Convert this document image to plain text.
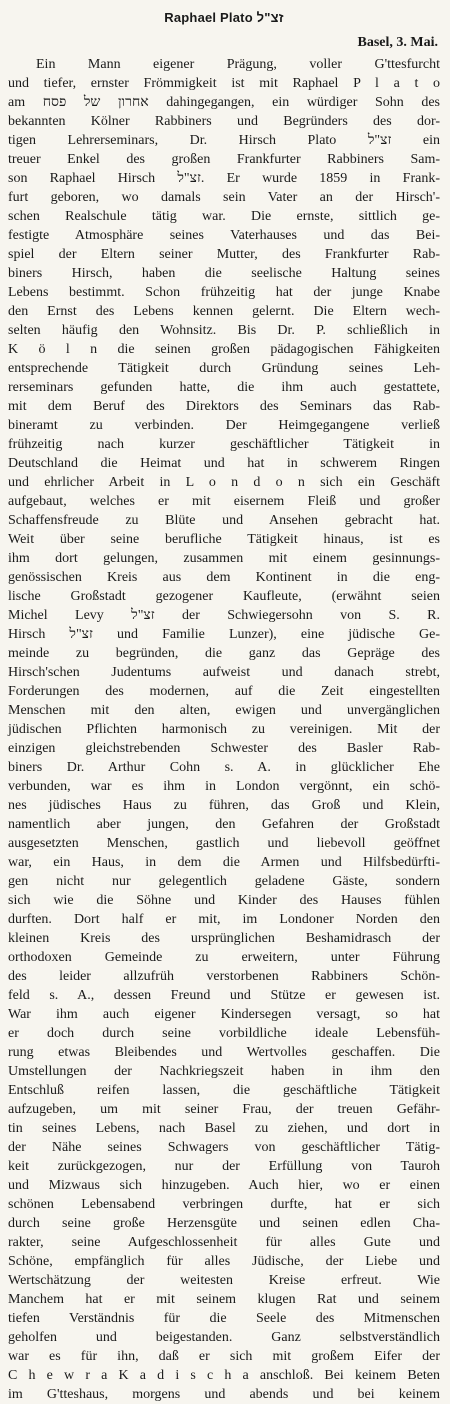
Raphael Plato זצ"ל
Basel, 3. Mai.
Ein Mann eigener Prägung, voller G'ttesfurcht
und tiefer, ernster Frömmigkeit ist mit Raphael P l a t o
am אחרון של פסח dahingegangen, ein würdiger Sohn des
bekannten Kölner Rabbiners und Begründers des dor-
tigen Lehrerseminars, Dr. Hirsch Plato זצ"ל ein
treuer Enkel des großen Frankfurter Rabbiners Sam-
son Raphael Hirsch זצ"ל. Er wurde 1859 in Frank-
furt geboren, wo damals sein Vater an der Hirsch'-
schen Realschule tätig war. Die ernste, sittlich ge-
festigte Atmosphäre seines Vaterhauses und das Bei-
spiel der Eltern seiner Mutter, des Frankfurter Rab-
biners Hirsch, haben die seelische Haltung seines
Lebens bestimmt. Schon frühzeitig hat der junge Knabe
den Ernst des Lebens kennen gelernt. Die Eltern wech-
selten häufig den Wohnsitz. Bis Dr. P. schließlich in
K ö l n die seinen großen pädagogischen Fähigkeiten
entsprechende Tätigkeit durch Gründung seines Leh-
rerseminars gefunden hatte, die ihm auch gestattete,
mit dem Beruf des Direktors des Seminars das Rab-
bineramt zu verbinden. Der Heimgegangene verließ
frühzeitig nach kurzer geschäftlicher Tätigkeit in
Deutschland die Heimat und hat in schwerem Ringen
und ehrlicher Arbeit in L o n d o n sich ein Geschäft
aufgebaut, welches er mit eisernem Fleiß und großer
Schaffensfreude zu Blüte und Ansehen gebracht hat.
Weit über seine berufliche Tätigkeit hinaus, ist es
ihm dort gelungen, zusammen mit einem gesinnungs-
genössischen Kreis aus dem Kontinent in die eng-
lische Großstadt gezogener Kaufleute, (erwähnt seien
Michel Levy זצ"ל der Schwiegersohn von S. R.
Hirsch זצ"ל und Familie Lunzer), eine jüdische Ge-
meinde zu begründen, die ganz das Gepräge des
Hirsch'schen Judentums aufweist und danach strebt,
Forderungen des modernen, auf die Zeit eingestellten
Menschen mit den alten, ewigen und unvergänglichen
jüdischen Pflichten harmonisch zu vereinigen. Mit der
einzigen gleichstrebenden Schwester des Basler Rab-
biners Dr. Arthur Cohn s. A. in glücklicher Ehe
verbunden, war es ihm in London vergönnt, ein schö-
nes jüdisches Haus zu führen, das Groß und Klein,
namentlich aber jungen, den Gefahren der Großstadt
ausgesetzten Menschen, gastlich und liebevoll geöffnet
war, ein Haus, in dem die Armen und Hilfsbedürfti-
gen nicht nur gelegentlich geladene Gäste, sondern
sich wie die Söhne und Kinder des Hauses fühlen
durften. Dort half er mit, im Londoner Norden den
kleinen Kreis des ursprünglichen Beshamidrasch der
orthodoxen Gemeinde zu erweitern, unter Führung
des leider allzufrüh verstorbenen Rabbiners Schön-
feld s. A., dessen Freund und Stütze er gewesen ist.
War ihm auch eigener Kindersegen versagt, so hat
er doch durch seine vorbildliche ideale Lebensfüh-
rung etwas Bleibendes und Wertvolles geschaffen. Die
Umstellungen der Nachkriegszeit haben in ihm den
Entschluß reifen lassen, die geschäftliche Tätigkeit
aufzugeben, um mit seiner Frau, der treuen Gefähr-
tin seines Lebens, nach Basel zu ziehen, und dort in
der Nähe seines Schwagers von geschäftlicher Tätig-
keit zurückgezogen, nur der Erfüllung von Tauroh
und Mizwaus sich hinzugeben. Auch hier, wo er einen
schönen Lebensabend verbringen durfte, hat er sich
durch seine große Herzensgüte und seinen edlen Cha-
rakter, seine Aufgeschlossenheit für alles Gute und
Schöne, empfänglich für alles Jüdische, der Liebe und
Wertschätzung der weitesten Kreise erfreut. Wie
Manchem hat er mit seinem klugen Rat und seinem
tiefen Verständnis für die Seele des Mitmenschen
geholfen und beigestanden. Ganz selbstverständlich
war es für ihn, daß er sich mit großem Eifer der
C h e w r a K a d i s c h a anschloß. Bei keinem Beten
im G'tteshaus, morgens und abends und bei keinem
